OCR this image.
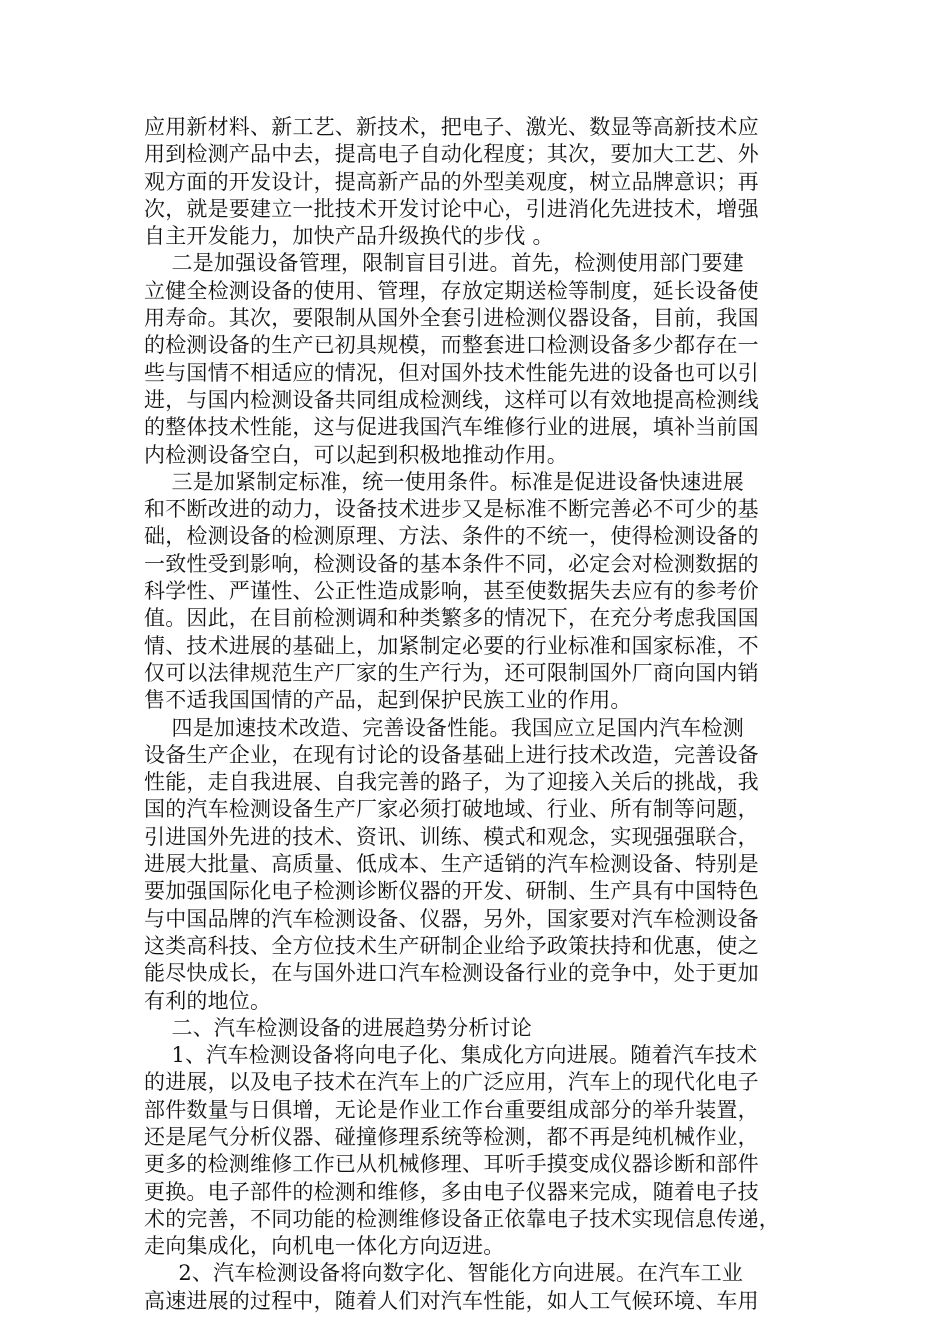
应用新材料、新工艺、新技术，把电子、激光、数显等高新技术应
用到检测产品中去，提高电子自动化程度；其次，要加大工艺、外
观方面的开发设计，提高新产品的外型美观度，树立品牌意识；再
次，就是要建立一批技术开发讨论中心，引进消化先进技术，增强
自主开发能力，加快产品升级换代的步伐 。
二是加强设备管理，限制盲目引进。首先，检测使用部门要建
立健全检测设备的使用、管理，存放定期送检等制度，延长设备使
用寿命。其次，要限制从国外全套引进检测仪器设备，目前，我国
的检测设备的生产已初具规模，而整套进口检测设备多少都存在一
些与国情不相适应的情况，但对国外技术性能先进的设备也可以引
进，与国内检测设备共同组成检测线，这样可以有效地提高检测线
的整体技术性能，这与促进我国汽车维修行业的进展，填补当前国
内检测设备空白，可以起到积极地推动作用。
三是加紧制定标准，统一使用条件。标准是促进设备快速进展
和不断改进的动力，设备技术进步又是标准不断完善必不可少的基
础，检测设备的检测原理、方法、条件的不统一，使得检测设备的
一致性受到影响，检测设备的基本条件不同，必定会对检测数据的
科学性、严谨性、公正性造成影响，甚至使数据失去应有的参考价
值。因此，在目前检测调和种类繁多的情况下，在充分考虑我国国
情、技术进展的基础上，加紧制定必要的行业标准和国家标准，不
仅可以法律规范生产厂家的生产行为，还可限制国外厂商向国内销
售不适我国国情的产品，起到保护民族工业的作用。
四是加速技术改造、完善设备性能。我国应立足国内汽车检测
设备生产企业，在现有讨论的设备基础上进行技术改造，完善设备
性能，走自我进展、自我完善的路子，为了迎接入关后的挑战，我
国的汽车检测设备生产厂家必须打破地域、行业、所有制等问题，
引进国外先进的技术、资讯、训练、模式和观念，实现强强联合，
进展大批量、高质量、低成本、生产适销的汽车检测设备、特别是
要加强国际化电子检测诊断仪器的开发、研制、生产具有中国特色
与中国品牌的汽车检测设备、仪器，另外，国家要对汽车检测设备
这类高科技、全方位技术生产研制企业给予政策扶持和优惠，使之
能尽快成长，在与国外进口汽车检测设备行业的竞争中，处于更加
有利的地位。
二、汽车检测设备的进展趋势分析讨论
1、汽车检测设备将向电子化、集成化方向进展。随着汽车技术
的进展，以及电子技术在汽车上的广泛应用，汽车上的现代化电子
部件数量与日俱增，无论是作业工作台重要组成部分的举升装置，
还是尾气分析仪器、碰撞修理系统等检测，都不再是纯机械作业，
更多的检测维修工作已从机械修理、耳听手摸变成仪器诊断和部件
更换。电子部件的检测和维修，多由电子仪器来完成，随着电子技
术的完善，不同功能的检测维修设备正依靠电子技术实现信息传递，
走向集成化，向机电一体化方向迈进。
2、汽车检测设备将向数字化、智能化方向进展。在汽车工业
高速进展的过程中，随着人们对汽车性能，如人工气候环境、车用
